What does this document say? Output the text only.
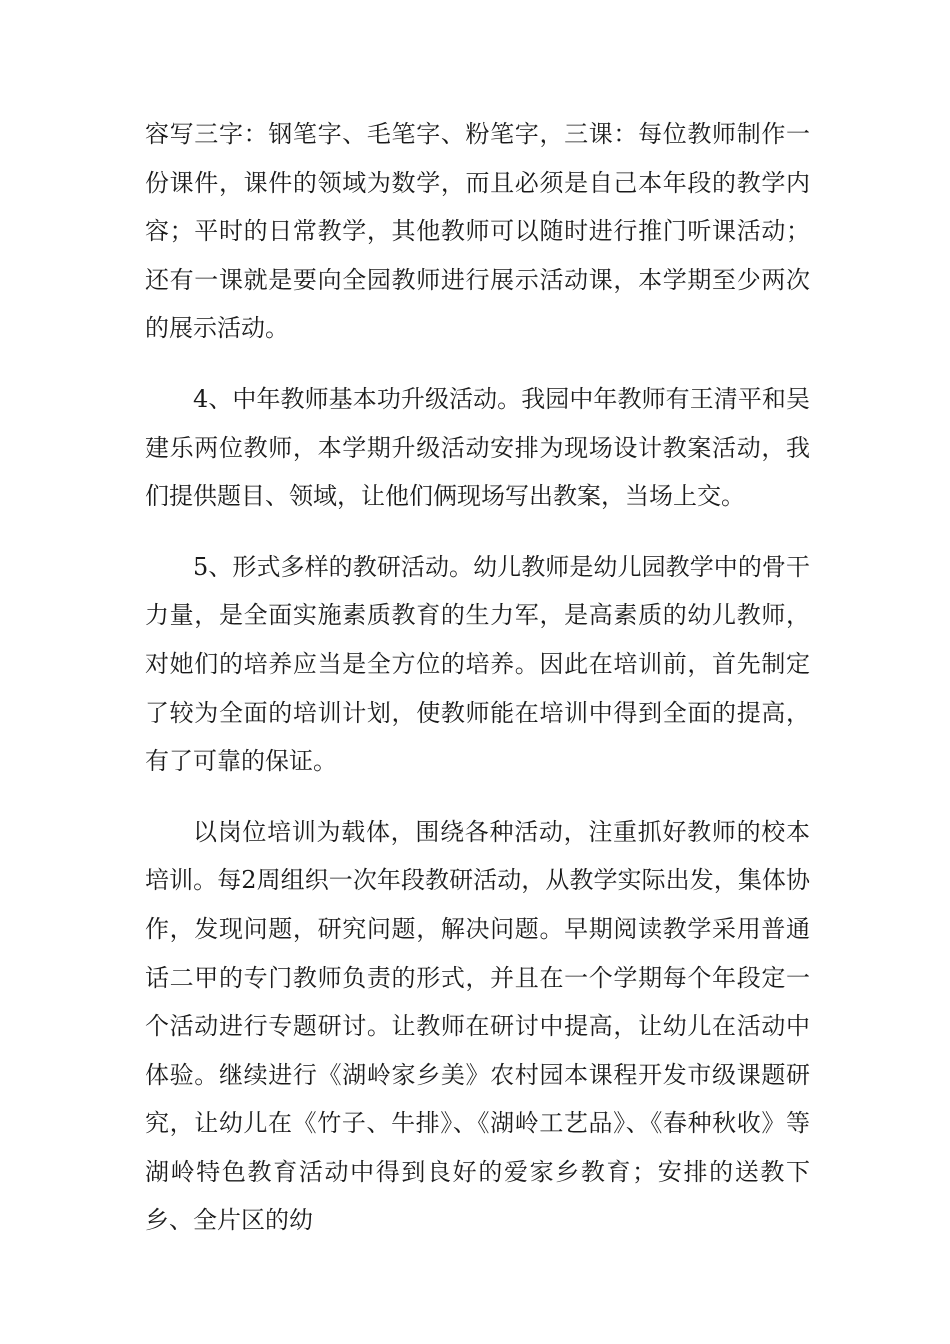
容写三字：钢笔字、毛笔字、粉笔字，三课：每位教师制作一份课件，课件的领域为数学，而且必须是自己本年段的教学内容；平时的日常教学，其他教师可以随时进行推门听课活动；还有一课就是要向全园教师进行展示活动课，本学期至少两次的展示活动。

4、中年教师基本功升级活动。我园中年教师有王清平和吴建乐两位教师，本学期升级活动安排为现场设计教案活动，我们提供题目、领域，让他们俩现场写出教案，当场上交。

5、形式多样的教研活动。幼儿教师是幼儿园教学中的骨干力量，是全面实施素质教育的生力军，是高素质的幼儿教师，对她们的培养应当是全方位的培养。因此在培训前，首先制定了较为全面的培训计划，使教师能在培训中得到全面的提高，有了可靠的保证。

以岗位培训为载体，围绕各种活动，注重抓好教师的校本培训。每2周组织一次年段教研活动，从教学实际出发，集体协作，发现问题，研究问题，解决问题。早期阅读教学采用普通话二甲的专门教师负责的形式，并且在一个学期每个年段定一个活动进行专题研讨。让教师在研讨中提高，让幼儿在活动中体验。继续进行《湖岭家乡美》农村园本课程开发市级课题研究，让幼儿在《竹子、牛排》、《湖岭工艺品》、《春种秋收》等湖岭特色教育活动中得到良好的爱家乡教育；安排的送教下乡、全片区的幼
